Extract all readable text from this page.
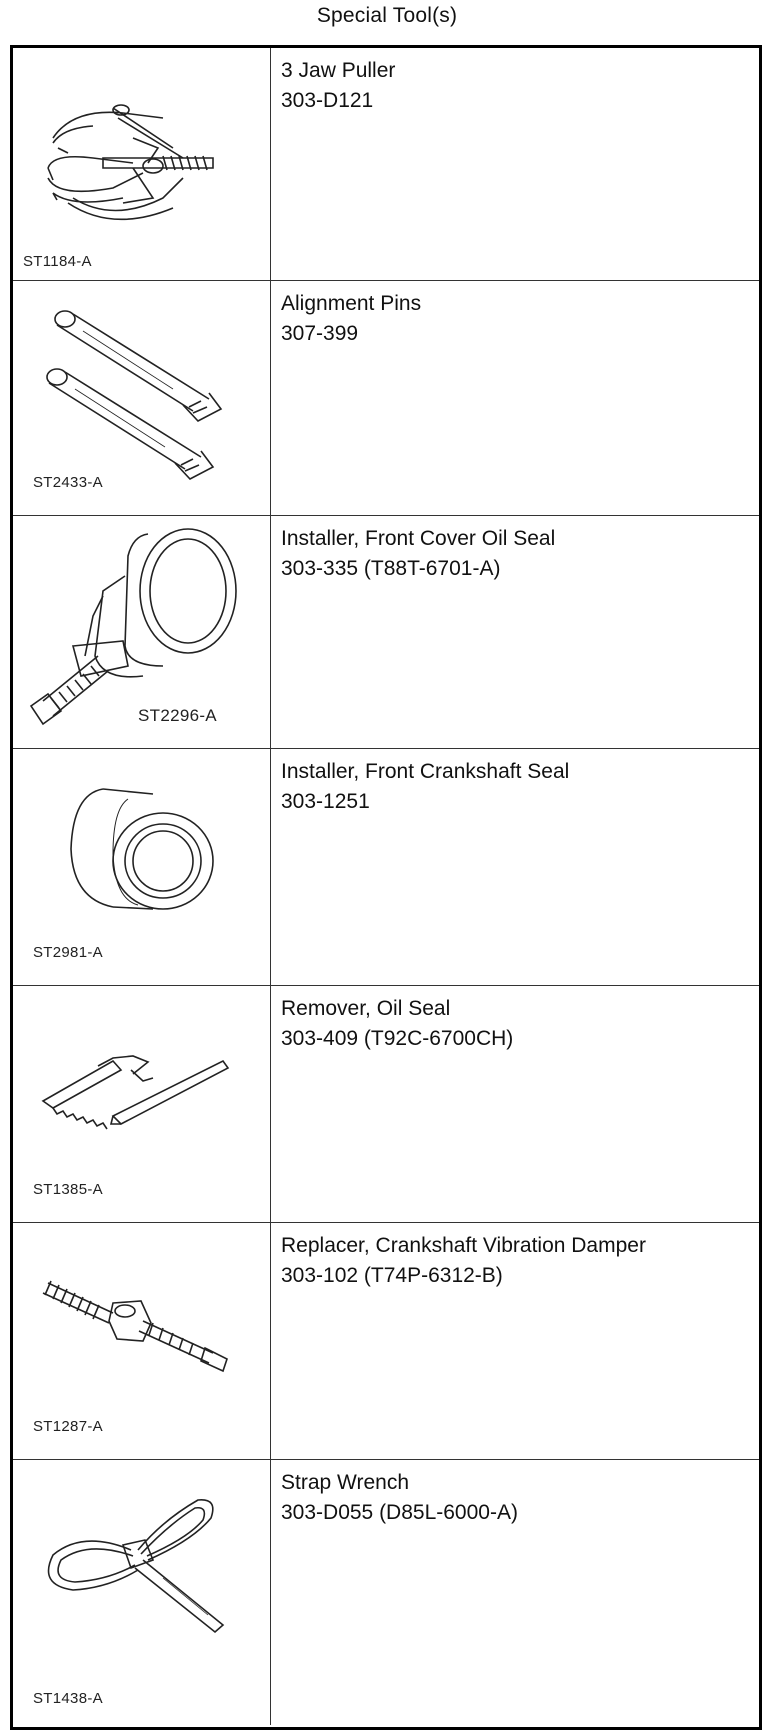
Special Tool(s)
ST1184-A
3 Jaw Puller
303-D121
ST2433-A
Alignment Pins
307-399
ST2296-A
Installer, Front Cover Oil Seal
303-335 (T88T-6701-A)
ST2981-A
Installer, Front Crankshaft Seal
303-1251
ST1385-A
Remover, Oil Seal
303-409 (T92C-6700CH)
ST1287-A
Replacer, Crankshaft Vibration Damper
303-102 (T74P-6312-B)
ST1438-A
Strap Wrench
303-D055 (D85L-6000-A)
